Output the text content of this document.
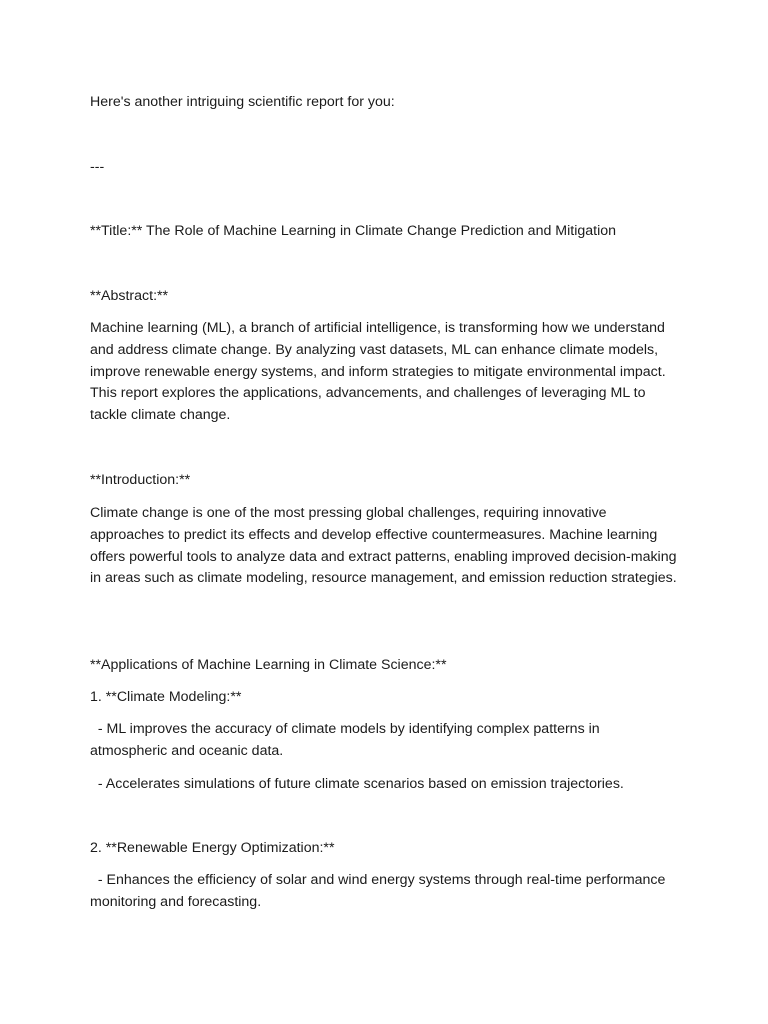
Here's another intriguing scientific report for you:

---

**Title:** The Role of Machine Learning in Climate Change Prediction and Mitigation

**Abstract:**

Machine learning (ML), a branch of artificial intelligence, is transforming how we understand and address climate change. By analyzing vast datasets, ML can enhance climate models, improve renewable energy systems, and inform strategies to mitigate environmental impact. This report explores the applications, advancements, and challenges of leveraging ML to tackle climate change.

**Introduction:**

Climate change is one of the most pressing global challenges, requiring innovative approaches to predict its effects and develop effective countermeasures. Machine learning offers powerful tools to analyze data and extract patterns, enabling improved decision-making in areas such as climate modeling, resource management, and emission reduction strategies.

**Applications of Machine Learning in Climate Science:**

1. **Climate Modeling:**

- ML improves the accuracy of climate models by identifying complex patterns in atmospheric and oceanic data.

- Accelerates simulations of future climate scenarios based on emission trajectories.

2. **Renewable Energy Optimization:**

- Enhances the efficiency of solar and wind energy systems through real-time performance monitoring and forecasting.
